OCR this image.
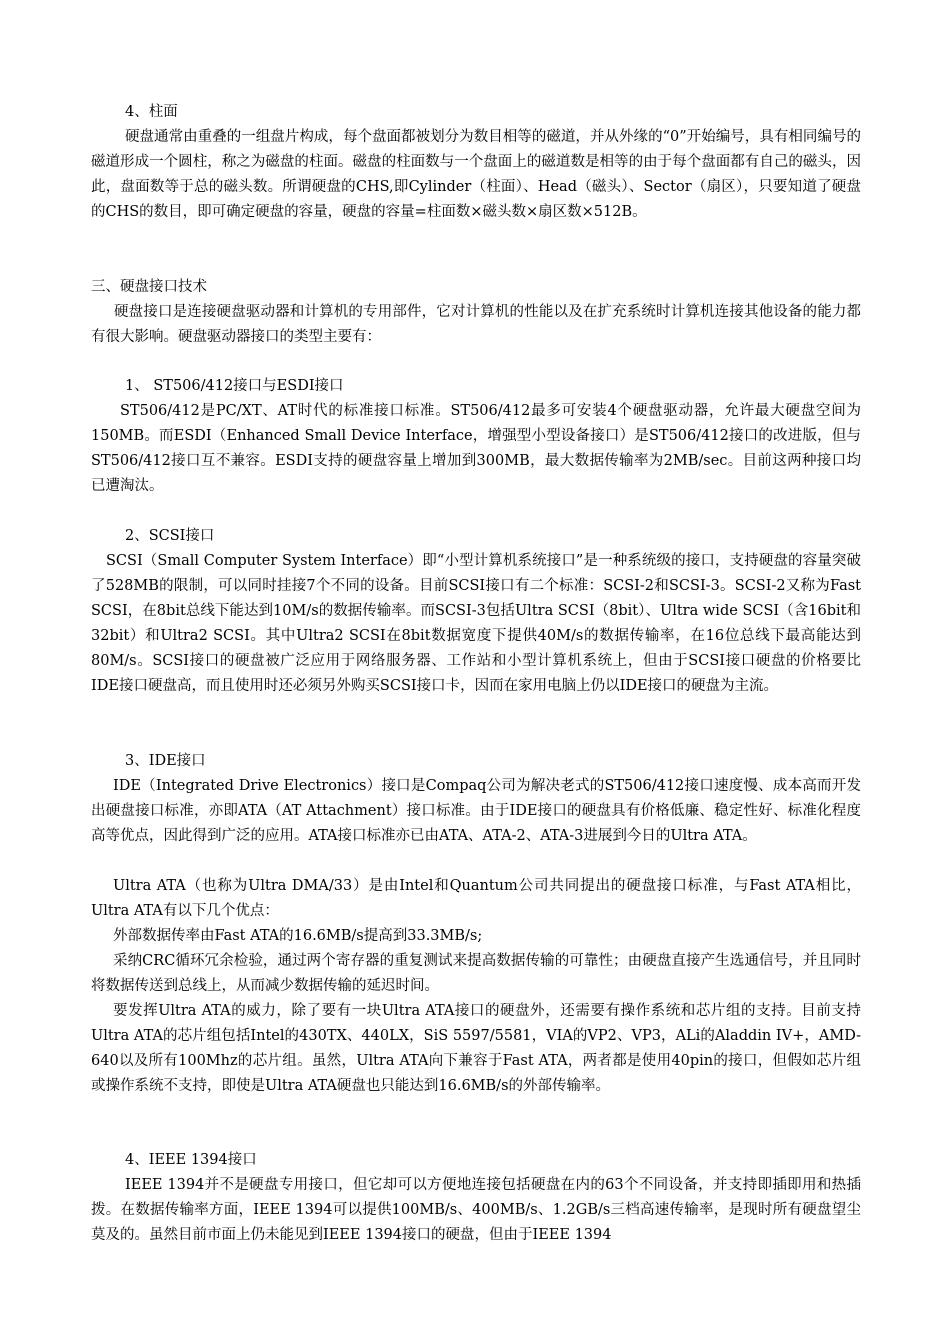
4、柱面

硬盘通常由重叠的一组盘片构成，每个盘面都被划分为数目相等的磁道，并从外缘的“0”开始编号，具有相同编号的磁道形成一个圆柱，称之为磁盘的柱面。磁盘的柱面数与一个盘面上的磁道数是相等的由于每个盘面都有自己的磁头，因此，盘面数等于总的磁头数。所谓硬盘的CHS,即Cylinder（柱面）、Head（磁头）、Sector（扇区），只要知道了硬盘的CHS的数目，即可确定硬盘的容量，硬盘的容量=柱面数×磁头数×扇区数×512B。

三、硬盘接口技术

硬盘接口是连接硬盘驱动器和计算机的专用部件，它对计算机的性能以及在扩充系统时计算机连接其他设备的能力都有很大影响。硬盘驱动器接口的类型主要有：

1、 ST506/412接口与ESDI接口

ST506/412是PC/XT、AT时代的标准接口标准。ST506/412最多可安装4个硬盘驱动器，允许最大硬盘空间为150MB。而ESDI（Enhanced Small Device Interface，增强型小型设备接口）是ST506/412接口的改进版，但与ST506/412接口互不兼容。ESDI支持的硬盘容量上增加到300MB，最大数据传输率为2MB/sec。目前这两种接口均已遭淘汰。

2、SCSI接口

SCSI（Small Computer System Interface）即“小型计算机系统接口”是一种系统级的接口，支持硬盘的容量突破了528MB的限制，可以同时挂接7个不同的设备。目前SCSI接口有二个标准：SCSI-2和SCSI-3。SCSI-2又称为Fast SCSI，在8bit总线下能达到10M/s的数据传输率。而SCSI-3包括Ultra SCSI（8bit）、Ultra wide SCSI（含16bit和32bit）和Ultra2 SCSI。其中Ultra2 SCSI在8bit数据宽度下提供40M/s的数据传输率，在16位总线下最高能达到80M/s。SCSI接口的硬盘被广泛应用于网络服务器、工作站和小型计算机系统上，但由于SCSI接口硬盘的价格要比IDE接口硬盘高，而且使用时还必须另外购买SCSI接口卡，因而在家用电脑上仍以IDE接口的硬盘为主流。

3、IDE接口

IDE（Integrated Drive Electronics）接口是Compaq公司为解决老式的ST506/412接口速度慢、成本高而开发出硬盘接口标准，亦即ATA（AT Attachment）接口标准。由于IDE接口的硬盘具有价格低廉、稳定性好、标准化程度高等优点，因此得到广泛的应用。ATA接口标准亦已由ATA、ATA-2、ATA-3进展到今日的Ultra ATA。

Ultra ATA（也称为Ultra DMA/33）是由Intel和Quantum公司共同提出的硬盘接口标准，与Fast ATA相比，Ultra ATA有以下几个优点：

外部数据传率由Fast ATA的16.6MB/s提高到33.3MB/s;

采纳CRC循环冗余检验，通过两个寄存器的重复测试来提高数据传输的可靠性；由硬盘直接产生选通信号，并且同时将数据传送到总线上，从而减少数据传输的延迟时间。

要发挥Ultra ATA的威力，除了要有一块Ultra ATA接口的硬盘外，还需要有操作系统和芯片组的支持。目前支持Ultra ATA的芯片组包括Intel的430TX、440LX，SiS 5597/5581，VIA的VP2、VP3，ALi的Aladdin IV+，AMD-640以及所有100Mhz的芯片组。虽然，Ultra ATA向下兼容于Fast ATA，两者都是使用40pin的接口，但假如芯片组或操作系统不支持，即使是Ultra ATA硬盘也只能达到16.6MB/s的外部传输率。

4、IEEE 1394接口

IEEE 1394并不是硬盘专用接口，但它却可以方便地连接包括硬盘在内的63个不同设备，并支持即插即用和热插拨。在数据传输率方面，IEEE 1394可以提供100MB/s、400MB/s、1.2GB/s三档高速传输率，是现时所有硬盘望尘莫及的。虽然目前市面上仍未能见到IEEE 1394接口的硬盘，但由于IEEE 1394
